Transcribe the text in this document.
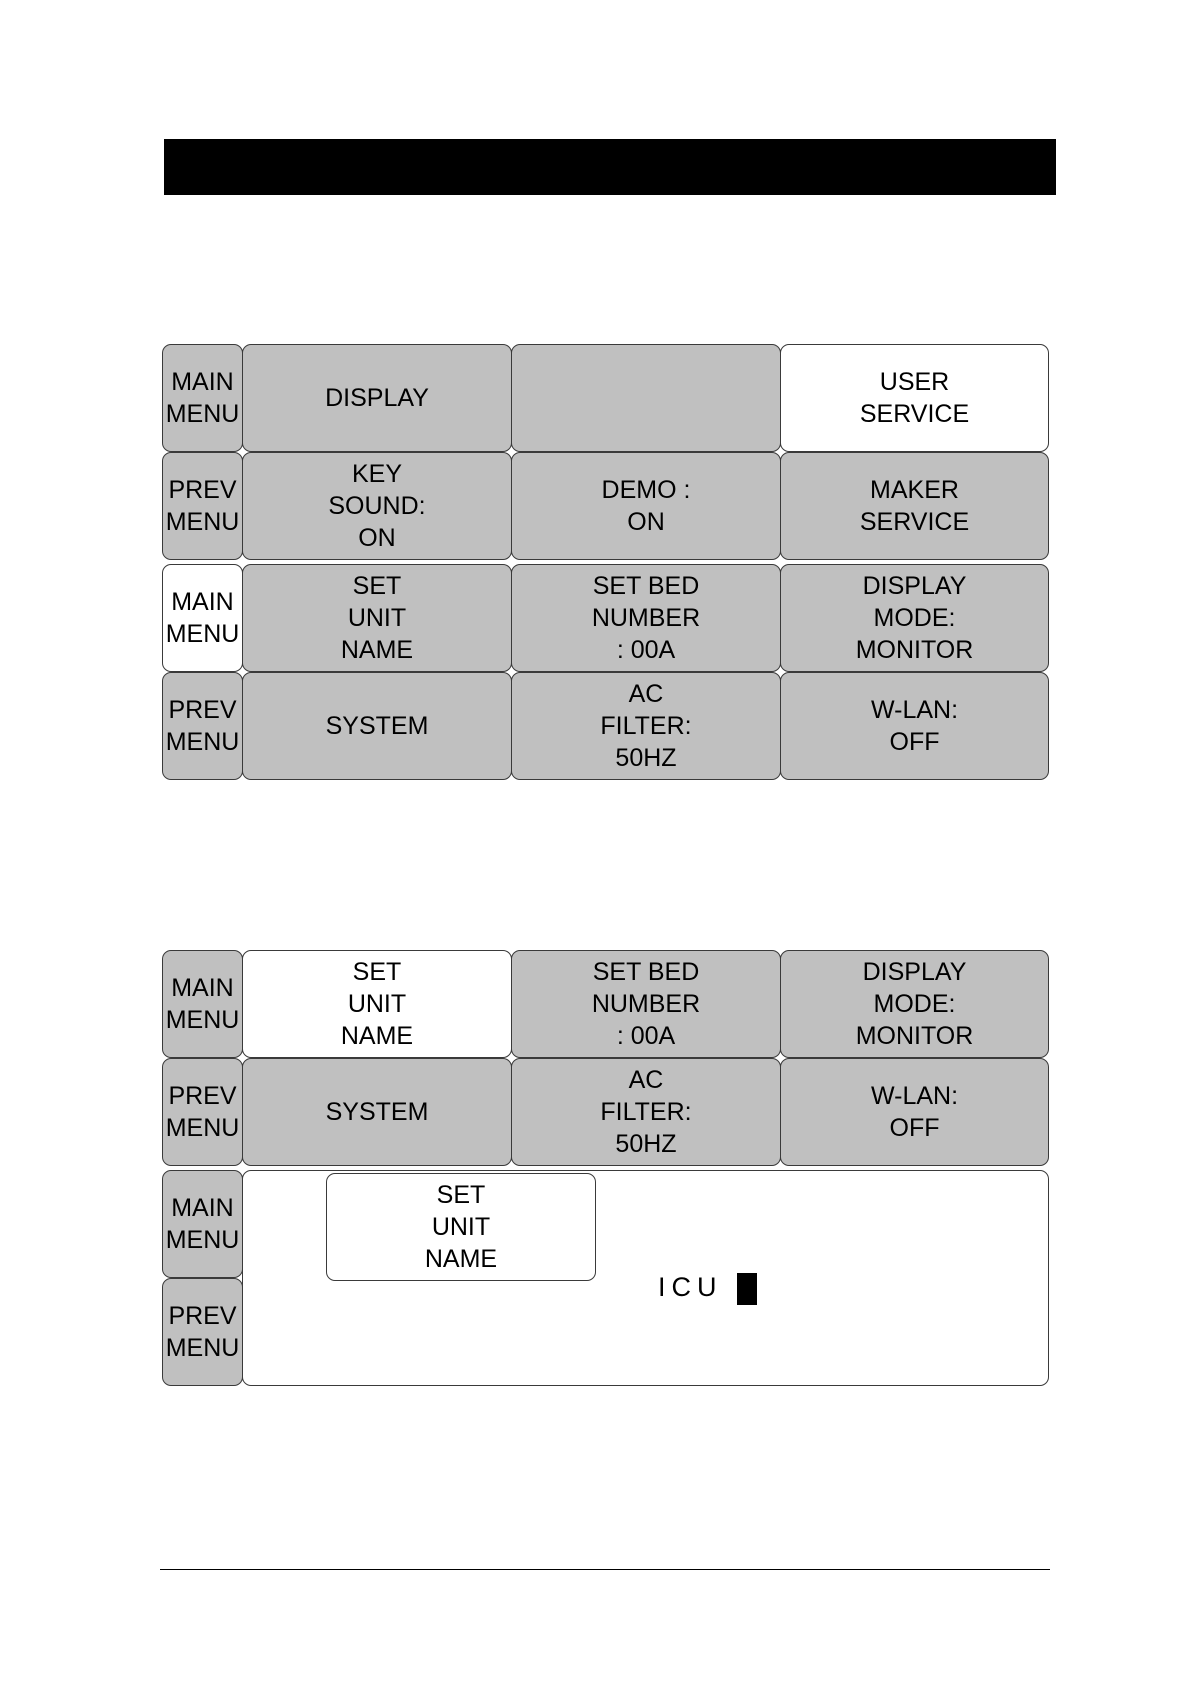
MAIN
MENU
DISPLAY
USER
SERVICE
PREV
MENU
KEY
SOUND:
ON
DEMO :
ON
MAKER
SERVICE
MAIN
MENU
SET
UNIT
NAME
SET BED
NUMBER
: 00A
DISPLAY
MODE:
MONITOR
PREV
MENU
SYSTEM
AC
FILTER:
50HZ
W-LAN:
OFF
MAIN
MENU
SET
UNIT
NAME
SET BED
NUMBER
: 00A
DISPLAY
MODE:
MONITOR
PREV
MENU
SYSTEM
AC
FILTER:
50HZ
W-LAN:
OFF
MAIN
MENU
PREV
MENU
SET
UNIT
NAME
ICU
